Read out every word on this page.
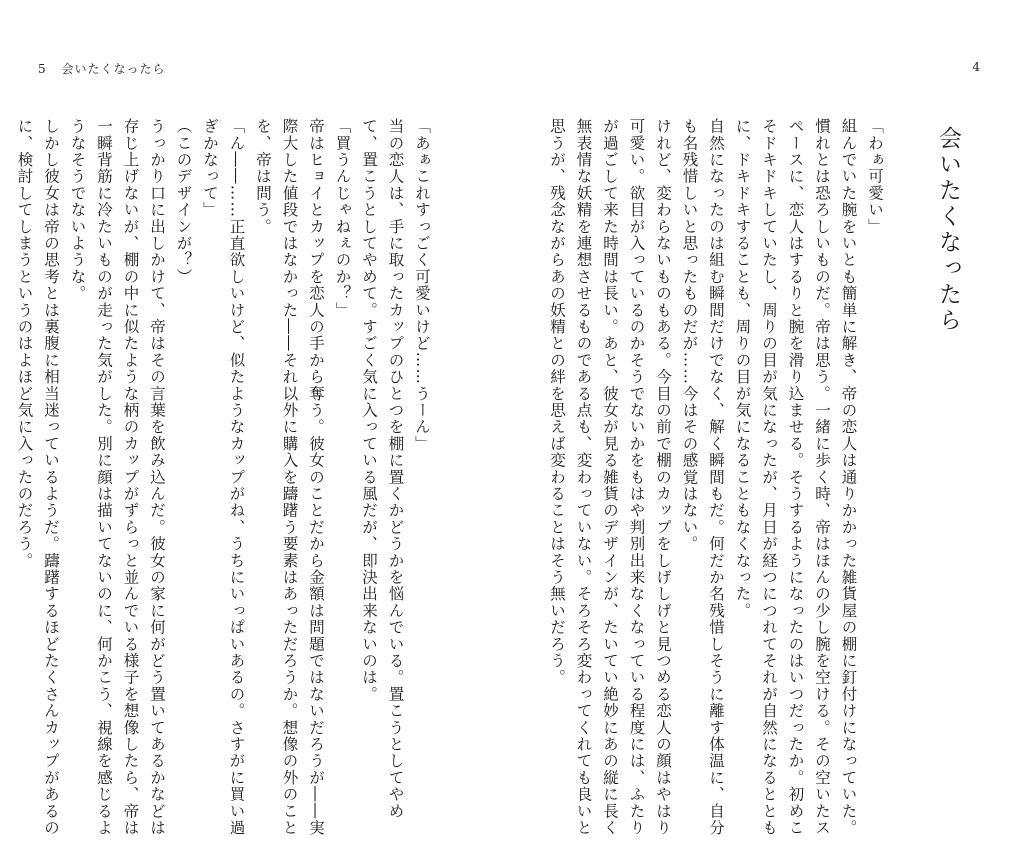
5 会いたくなったら	4
会いたくなったら

「わぁ可愛い」

組んでいた腕をいとも簡単に解き、帝の恋人は通りかかった雑貨屋の棚に釘付けになっていた。慣れとは恐ろしいものだ。帝は思う。一緒に歩く時、帝はほんの少し腕を空ける。その空いたスペースに、恋人はするりと腕を滑り込ませる。そうするようになったのはいつだったか。初めこそドキドキしていたし、周りの目が気になったが、月日が経つにつれてそれが自然になるとともに、ドキドキすることも、周りの目が気になることもなくなった。

自然になったのは組む瞬間だけでなく、解く瞬間もだ。何だか名残惜しそうに離す体温に、自分も名残惜しいと思ったものだが……今はその感覚はない。

けれど、変わらないものもある。今目の前で棚のカップをしげしげと見つめる恋人の顔はやはり可愛い。欲目が入っているのかそうでないかをもはや判別出来なくなっている程度には、ふたりが過ごして来た時間は長い。あと、彼女が見る雑貨のデザインが、たいてい絶妙にあの縦に長く無表情な妖精を連想させるものである点も、変わっていない。そろそろ変わってくれても良いと思うが、残念ながらあの妖精との絆を思えば変わることはそう無いだろう。

「あぁこれすっごく可愛いけど……うーん」

当の恋人は、手に取ったカップのひとつを棚に置くかどうかを悩んでいる。置こうとしてやめて、置こうとしてやめて。すごく気に入っている風だが、即決出来ないのは。

「買うんじゃねぇのか？」

帝はヒョイとカップを恋人の手から奪う。彼女のことだから金額は問題ではないだろうが――実際大した値段ではなかった――それ以外に購入を躊躇う要素はあっただろうか。想像の外のことを、帝は問う。

「ん――……正直欲しいけど、似たようなカップがね、うちにいっぱいあるの。さすがに買い過ぎかなって」

（このデザインが？）

うっかり口に出しかけて、帝はその言葉を飲み込んだ。彼女の家に何がどう置いてあるかなどは存じ上げないが、棚の中に似たような柄のカップがずらっと並んでいる様子を想像したら、帝は一瞬背筋に冷たいものが走った気がした。別に顔は描いてないのに、何かこう、視線を感じるようなそうでないような。

しかし彼女は帝の思考とは裏腹に相当迷っているようだ。躊躇するほどたくさんカップがあるのに、検討してしまうというのはよほど気に入ったのだろう。
